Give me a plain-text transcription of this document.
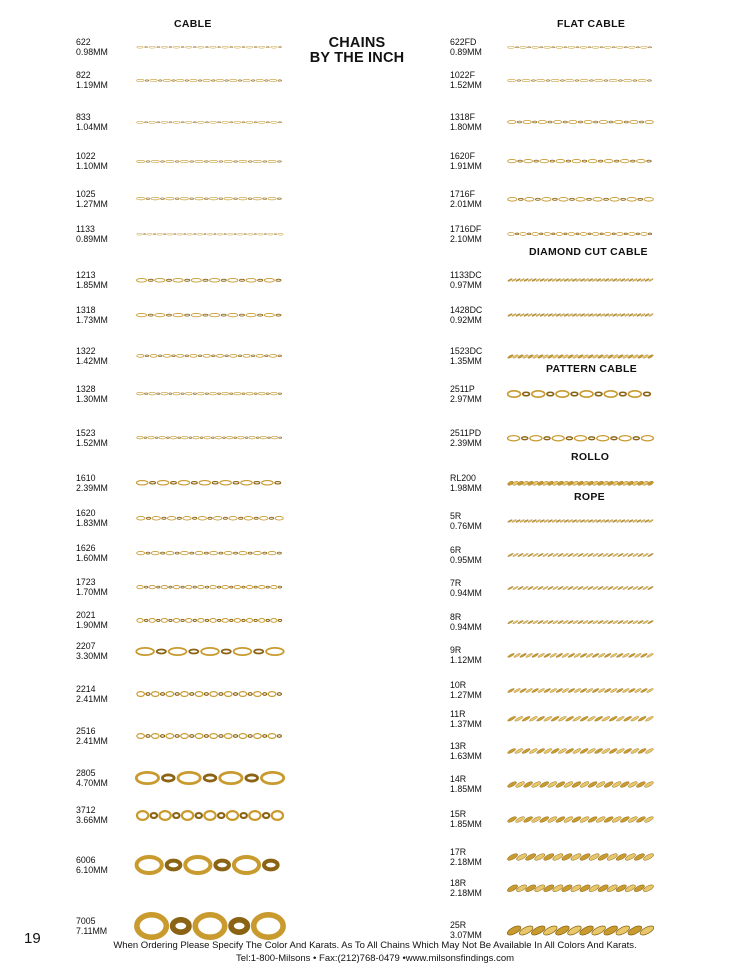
CABLE	FLAT CABLE
CHAINS
BY THE INCH
DIAMOND CUT CABLE
PATTERN CABLE
ROLLO
ROPE
622
0.98MM
822
1.19MM
833
1.04MM
1022
1.10MM
1025
1.27MM
1133
0.89MM
1213
1.85MM
1318
1.73MM
1322
1.42MM
1328
1.30MM
1523
1.52MM
1610
2.39MM
1620
1.83MM
1626
1.60MM
1723
1.70MM
2021
1.90MM
2207
3.30MM
2214
2.41MM
2516
2.41MM
2805
4.70MM
3712
3.66MM
6006
6.10MM
7005
7.11MM
622FD
0.89MM
1022F
1.52MM
1318F
1.80MM
1620F
1.91MM
1716F
2.01MM
1716DF
2.10MM
1133DC
0.97MM
1428DC
0.92MM
1523DC
1.35MM
2511P
2.97MM
2511PD
2.39MM
RL200
1.98MM
5R
0.76MM
6R
0.95MM
7R
0.94MM
8R
0.94MM
9R
1.12MM
10R
1.27MM
11R
1.37MM
13R
1.63MM
14R
1.85MM
15R
1.85MM
17R
2.18MM
18R
2.18MM
25R
3.07MM
19	When Ordering Please Specify The Color And Karats. As To All Chains Which May Not Be Available In All Colors And Karats.
Tel:1-800-Milsons • Fax:(212)768-0479 •www.milsonsfindings.com
